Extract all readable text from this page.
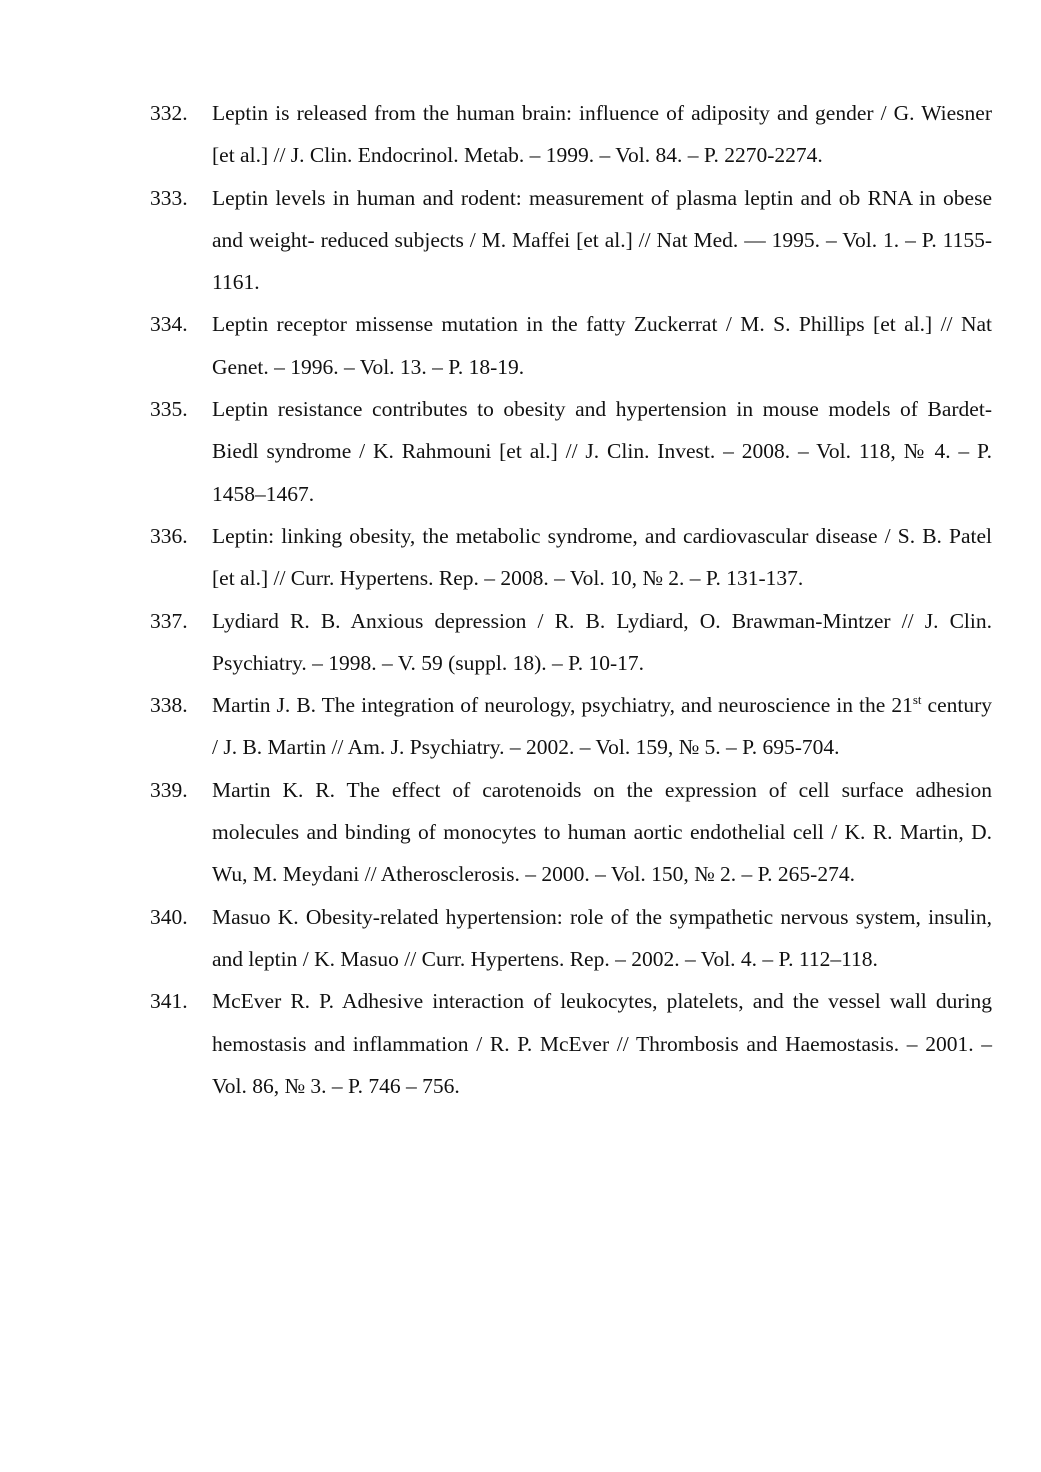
332.	Leptin is released from the human brain: influence of adiposity and gender / G. Wiesner [et al.] // J. Clin. Endocrinol. Metab. – 1999. – Vol. 84. – P. 2270-2274.
333.	Leptin levels in human and rodent: measurement of plasma leptin and ob RNA in obese and weight- reduced subjects / M. Maffei [et al.] // Nat Med. — 1995. – Vol. 1. – P. 1155-1161.
334.	Leptin receptor missense mutation in the fatty Zuckerrat / M. S. Phillips [et al.] // Nat Genet. – 1996. – Vol. 13. – P. 18-19.
335.	Leptin resistance contributes to obesity and hypertension in mouse models of Bardet-Biedl syndrome / K. Rahmouni [et al.] // J. Clin. Invest. – 2008. – Vol. 118, № 4. – P. 1458–1467.
336.	Leptin: linking obesity, the metabolic syndrome, and cardiovascular disease / S. B. Patel [et al.] // Curr. Hypertens. Rep. – 2008. – Vol. 10, № 2. – P. 131-137.
337.	Lydiard R. B. Anxious depression / R. B. Lydiard, O. Brawman-Mintzer // J. Clin. Psychiatry. – 1998. – V. 59 (suppl. 18). – P. 10-17.
338.	Martin J. B. The integration of neurology, psychiatry, and neuroscience in the 21st century / J. B. Martin // Am. J. Psychiatry. – 2002. – Vol. 159, № 5. – P. 695-704.
339.	Martin K. R. The effect of carotenoids on the expression of cell surface adhesion molecules and binding of monocytes to human aortic endothelial cell / K. R. Martin, D. Wu, M. Meydani // Atherosclerosis. – 2000. – Vol. 150, № 2. – P. 265-274.
340.	Masuo K. Obesity-related hypertension: role of the sympathetic nervous system, insulin, and leptin / K. Masuo // Curr. Hypertens. Rep. – 2002. – Vol. 4. – P. 112–118.
341.	McEver R. P. Adhesive interaction of leukocytes, platelets, and the vessel wall during hemostasis and inflammation / R. P. McEver // Thrombosis and Haemostasis. – 2001. – Vol. 86, № 3. – P. 746 – 756.
